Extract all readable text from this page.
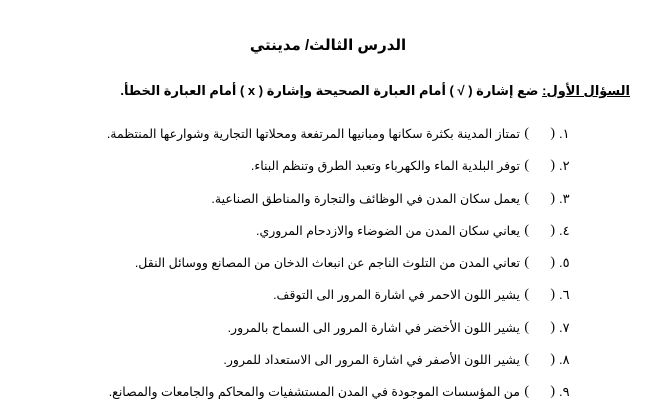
الدرس الثالث/ مدينتي
السؤال الأول: ضع إشارة ( √ ) أمام العبارة الصحيحة وإشارة ( x ) أمام العبارة الخطأ.
١.
(
)
تمتاز المدينة بكثرة سكانها ومبانيها المرتفعة ومحلاتها التجارية وشوارعها المنتظمة.
٢.
(
)
توفر البلدية الماء والكهرباء وتعبد الطرق وتنظم البناء.
٣.
(
)
يعمل سكان المدن في الوظائف والتجارة والمناطق الصناعية.
٤.
(
)
يعاني سكان المدن من الضوضاء والازدحام المروري.
٥.
(
)
تعاني المدن من التلوث الناجم عن انبعاث الدخان من المصانع ووسائل النقل.
٦.
(
)
يشير اللون الاحمر في اشارة المرور الى التوقف.
٧.
(
)
يشير اللون الأخضر في اشارة المرور الى السماح بالمرور.
٨.
(
)
يشير اللون الأصفر في اشارة المرور الى الاستعداد للمرور.
٩.
(
)
من المؤسسات الموجودة في المدن المستشفيات والمحاكم والجامعات والمصانع.
